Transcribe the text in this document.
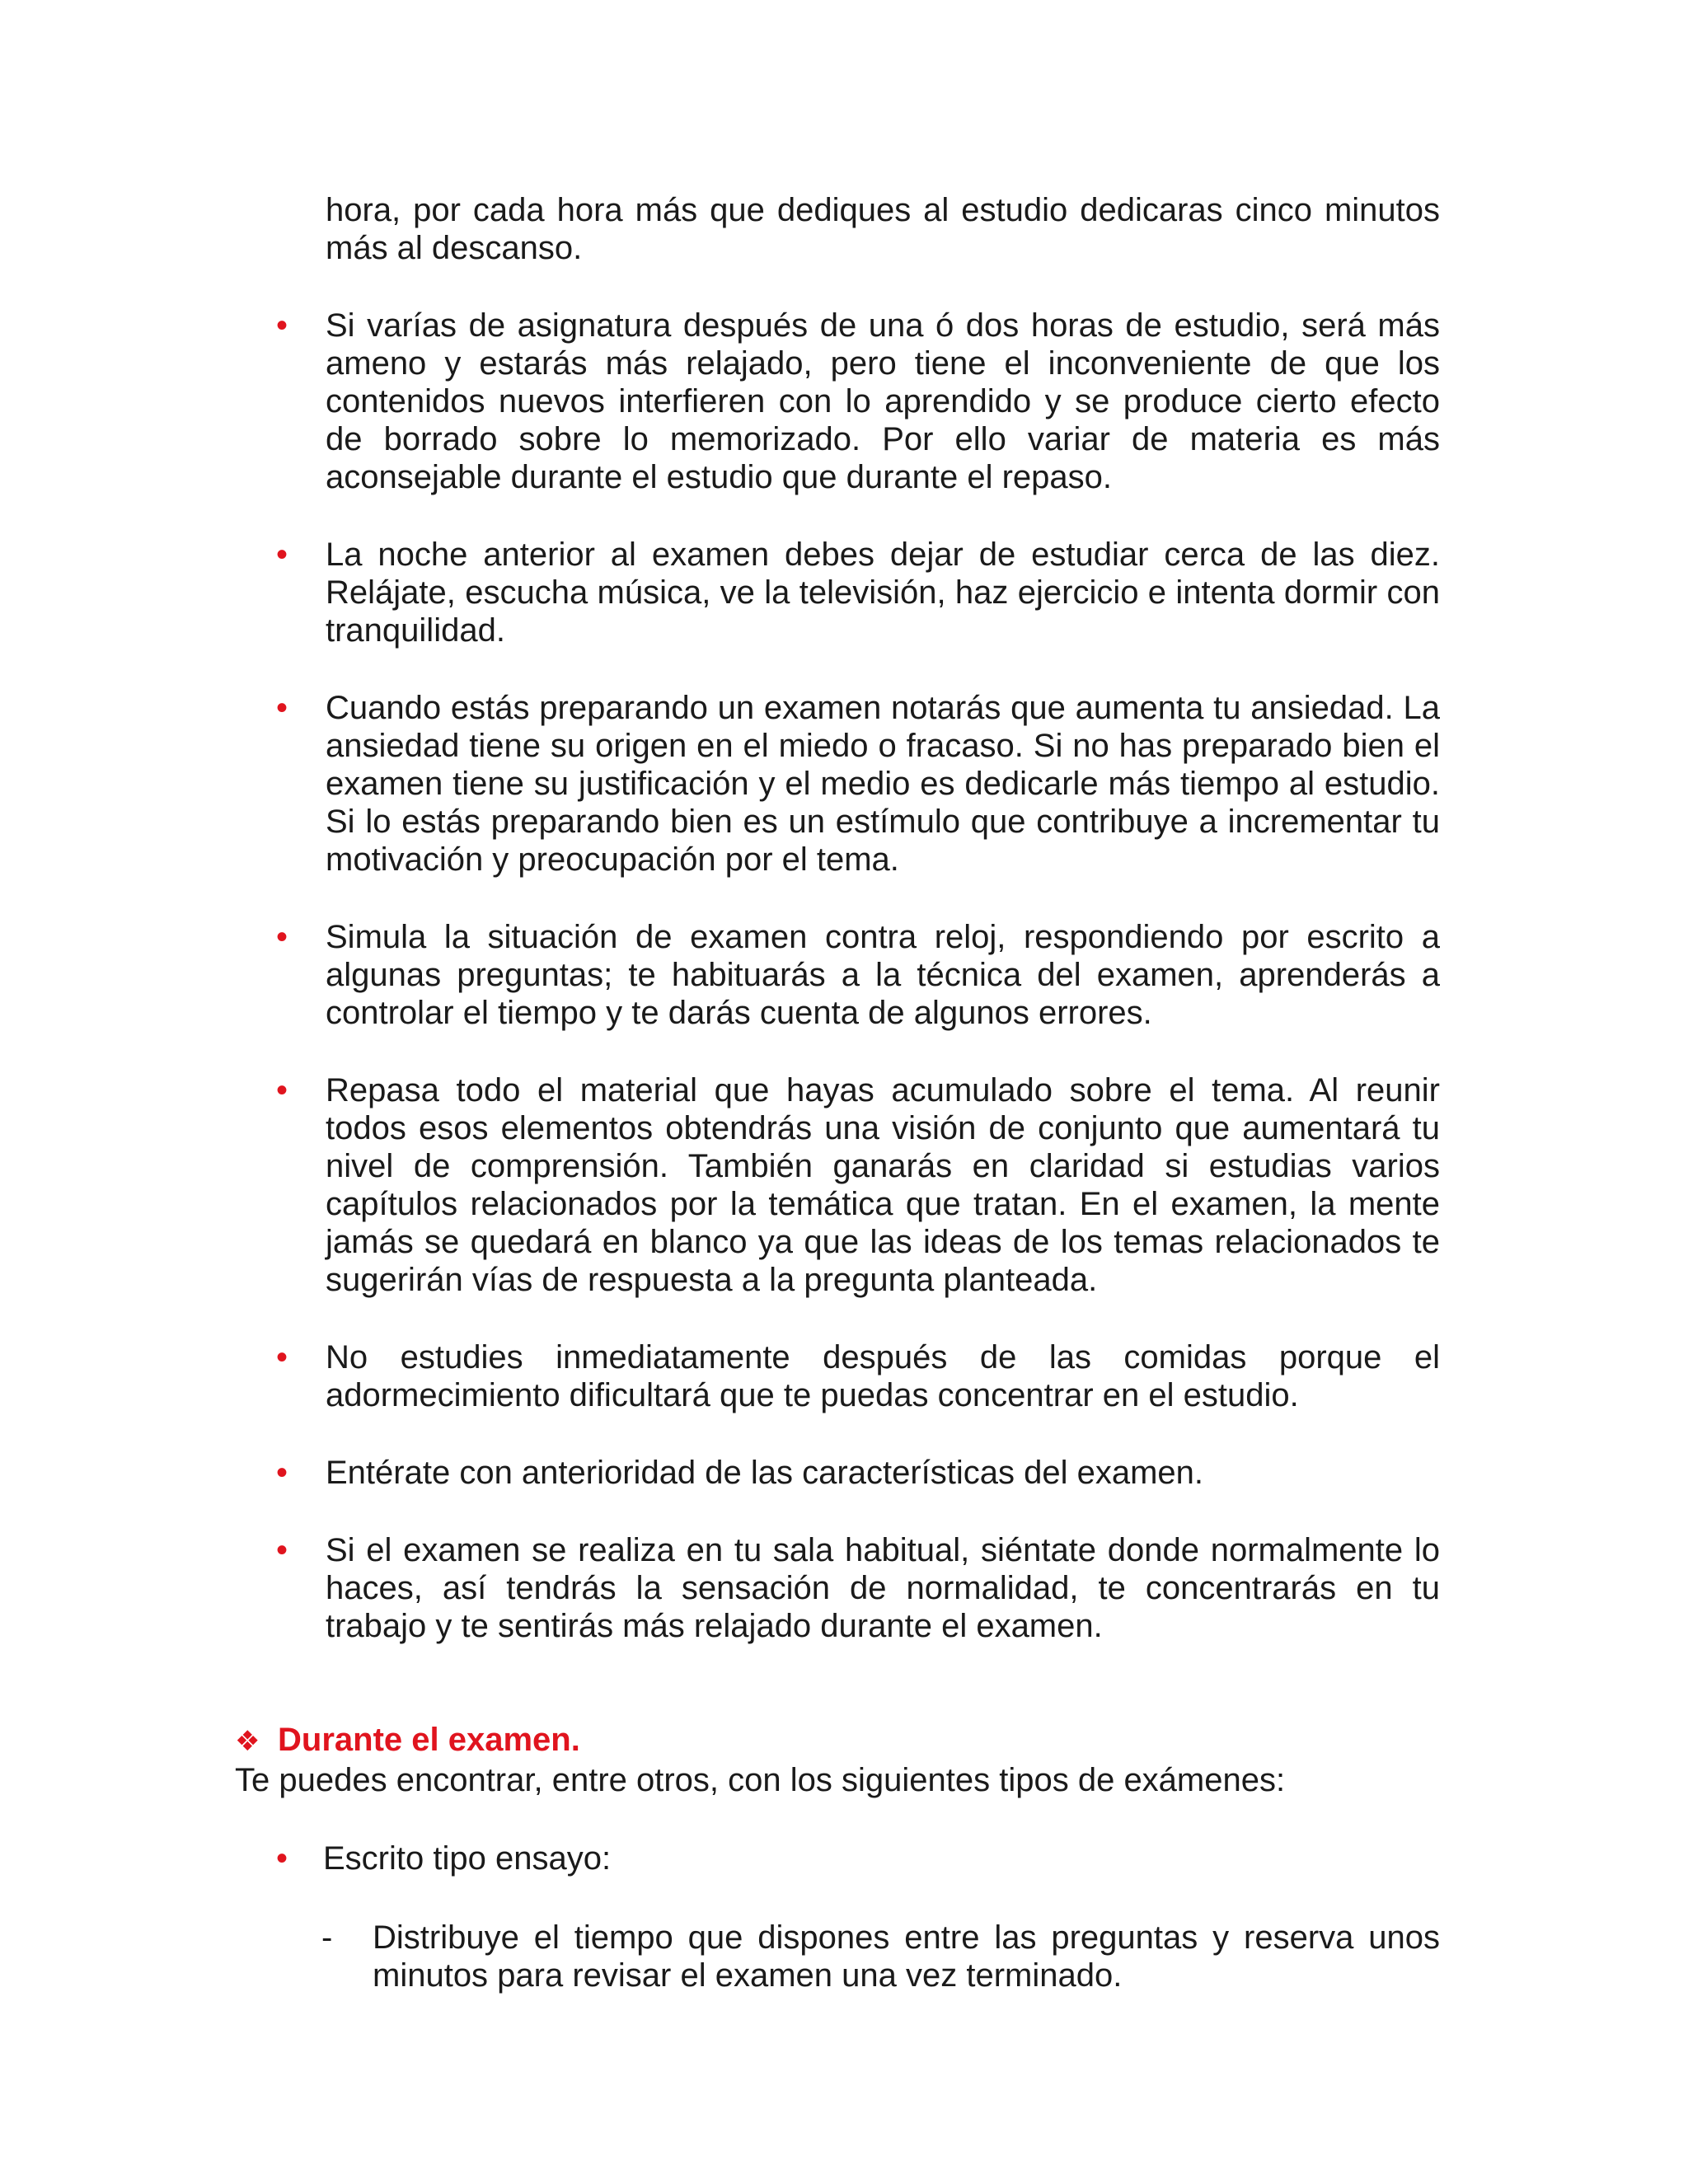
hora, por cada hora más que dediques al estudio dedicaras cinco minutos más al descanso.

• Si varías de asignatura después de una ó dos horas de estudio, será más ameno y estarás más relajado, pero tiene el inconveniente de que los contenidos nuevos interfieren con lo aprendido y se produce cierto efecto de borrado sobre lo memorizado. Por ello variar de materia es más aconsejable durante el estudio que durante el repaso.
• La noche anterior al examen debes dejar de estudiar cerca de las diez. Relájate, escucha música, ve la televisión, haz ejercicio e intenta dormir con tranquilidad.
• Cuando estás preparando un examen notarás que aumenta tu ansiedad. La ansiedad tiene su origen en el miedo o fracaso. Si no has preparado bien el examen tiene su justificación y el medio es dedicarle más tiempo al estudio. Si lo estás preparando bien es un estímulo que contribuye a incrementar tu motivación y preocupación por el tema.
• Simula la situación de examen contra reloj, respondiendo por escrito a algunas preguntas; te habituarás a la técnica del examen, aprenderás a controlar el tiempo y te darás cuenta de algunos errores.
• Repasa todo el material que hayas acumulado sobre el tema. Al reunir todos esos elementos obtendrás una visión de conjunto que aumentará tu nivel de comprensión. También ganarás en claridad si estudias varios capítulos relacionados por la temática que tratan. En el examen, la mente jamás se quedará en blanco ya que las ideas de los temas relacionados te sugerirán vías de respuesta a la pregunta planteada.
• No estudies inmediatamente después de las comidas porque el adormecimiento dificultará que te puedas concentrar en el estudio.
• Entérate con anterioridad de las características del examen.
• Si el examen se realiza en tu sala habitual, siéntate donde normalmente lo haces, así tendrás la sensación de normalidad, te concentrarás en tu trabajo y te sentirás más relajado durante el examen.
❖ Durante el examen.

Te puedes encontrar, entre otros, con los siguientes tipos de exámenes:

• Escrito tipo ensayo:
- Distribuye el tiempo que dispones entre las preguntas y reserva unos minutos para revisar el examen una vez terminado.
